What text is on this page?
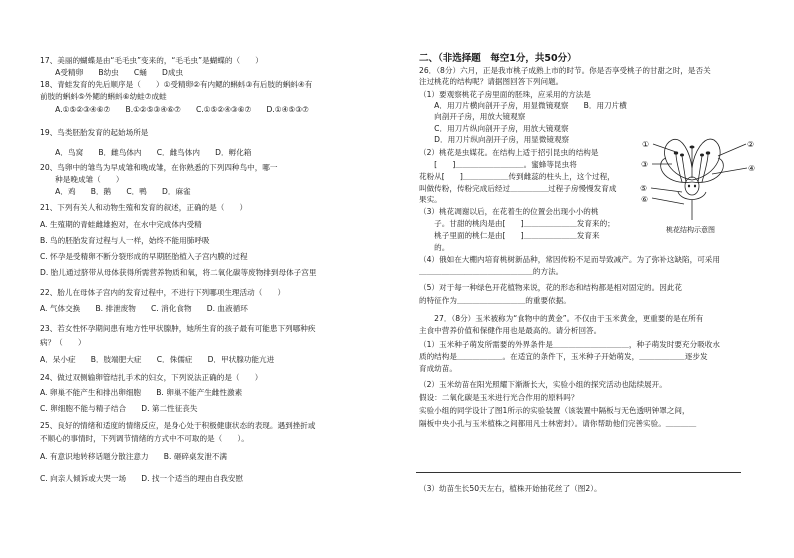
17、美丽的蝴蝶是由“毛毛虫”变来的，“毛毛虫”是蝴蝶的（　　）
　　A受精卵　　B幼虫　　C蛹　　D成虫
18、青蛙发育的先后顺序是（　　）①受精卵②有内鳃的蝌蚪③有后肢的蝌蚪④有
前肢的蝌蚪⑤外鳃的蝌蚪⑥幼蛙⑦成蛙
　　A.①⑤②③④⑥⑦　　B.①②⑤③④⑥⑦　　C.①⑤②④③⑥⑦　　D.①④⑤③⑦
19、鸟类胚胎发育的起始场所是
　　A．鸟窝　　B．雌鸟体内　　C．雌鸟体内　　D．孵化箱
20、鸟卵中的雏鸟为早成雏和晚成雏，在你熟悉的下列四种鸟中，哪一
　　种是晚成雏（　　）
　　A．鸡　　B．鹅　　C．鸭　　D．麻雀
21、下列有关人和动物生殖和发育的叙述，正确的是（　　）
A. 生殖期的青蛙雌雄抱对，在水中完成体内受精
B. 鸟的胚胎发育过程与人一样，始终不能用肺呼吸
C. 怀孕是受精卵不断分裂形成的早期胚胎植入子宫内膜的过程
D. 胎儿通过脐带从母体获得所需营养物质和氧，将二氧化碳等废物排到母体子宫里
22、胎儿在母体子宫内的发育过程中，不进行下列哪项生理活动（　　）
A. 气体交换　　B. 排泄废物　　C. 消化食物　　D. 血液循环
23、若女性怀孕期间患有地方性甲状腺肿，她所生育的孩子最有可能患下列哪种疾
病？（　　）
A．呆小症　　B．肢端肥大症　　C．侏儒症　　D．甲状腺功能亢进
24、做过双侧输卵管结扎手术的妇女，下列说法正确的是（　　）
A. 卵巢不能产生和排出卵细胞　　B. 卵巢不能产生雌性激素
C. 卵细胞不能与精子结合　　D. 第二性征丧失
25、良好的情绪和适度的情绪反应，是身心处于积极健康状态的表现。遇到挫折或
不顺心的事情时，下列调节情绪的方式中不可取的是（　　）。
A. 有意识地转移话题分散注意力　　B. 砸碎桌发泄不满
C. 向亲人倾诉或大哭一场　　D. 找一个适当的理由自我安慰
二、（非选择题　每空1分，共50分）
26．（8分）六月，正是我市桃子成熟上市的时节。你是否享受桃子的甘甜之时，是否关
注过桃花的结构呢？请据图回答下列问题。
（1）要观察桃花子房里面的胚珠，应采用的方法是
　　A．用刀片横向剖开子房，用显微镜观察　　B．用刀片横
　　向剖开子房，用放大镜观察
　　C．用刀片纵向剖开子房，用放大镜观察
　　D．用刀片纵向剖开子房，用显微镜观察
（2）桃花是虫媒花。在结构上适于招引昆虫的结构是
　　[　　]＿＿＿＿＿＿＿＿＿。蜜蜂等昆虫将
花粉从[　　]＿＿＿＿＿＿传到雌蕊的柱头上，这个过程，
叫做传粉，传粉完成后经过＿＿＿＿＿过程子房慢慢发育成
果实。
（3）桃花凋谢以后，在花着生的位置会出现小小的桃
　　子。甘甜的桃肉是由[　　]＿＿＿＿＿＿＿发育来的；
　　桃子里面的桃仁是由[　　]＿＿＿＿＿＿＿发育来
　　的。
（4）俄如在大棚内培育桃树新品种，常因传粉不足而导致减产。为了弥补这缺陷，可采用
＿＿＿＿＿＿＿＿＿＿＿＿＿＿＿的方法。
（5）对于每一种绿色开花植物来说，花的形态和结构都是相对固定的。因此花
的特征作为＿＿＿＿＿＿＿＿＿的重要依据。
　　27．（8分）玉米被称为“食物中的黄金”。不仅由于玉米黄金，更重要的是在所有
主食中营养价值和保健作用也是最高的。请分析回答。
（1）玉米种子萌发所需要的外界条件是＿＿＿＿＿＿＿＿＿＿，种子萌发时要充分吸收水
质的结构是＿＿＿＿＿＿。在适宜的条件下，玉米种子开始萌发，＿＿＿＿＿＿逐步发
育成幼苗。
（2）玉米幼苗在阳光照耀下渐渐长大，实验小组的探究活动也陆续展开。
假设：二氧化碳是玉米进行光合作用的原料吗？
实验小组的同学设计了图1所示的实验装置（该装置中隔板与无色透明钟罩之间，
隔板中央小孔与玉米植株之间都用凡士林密封）。请你帮助他们完善实验。＿＿＿＿
（3）幼苗生长50天左右，植株开始抽花丝了（图2）。
①	②
③	④
⑤
⑥
桃花结构示意图
